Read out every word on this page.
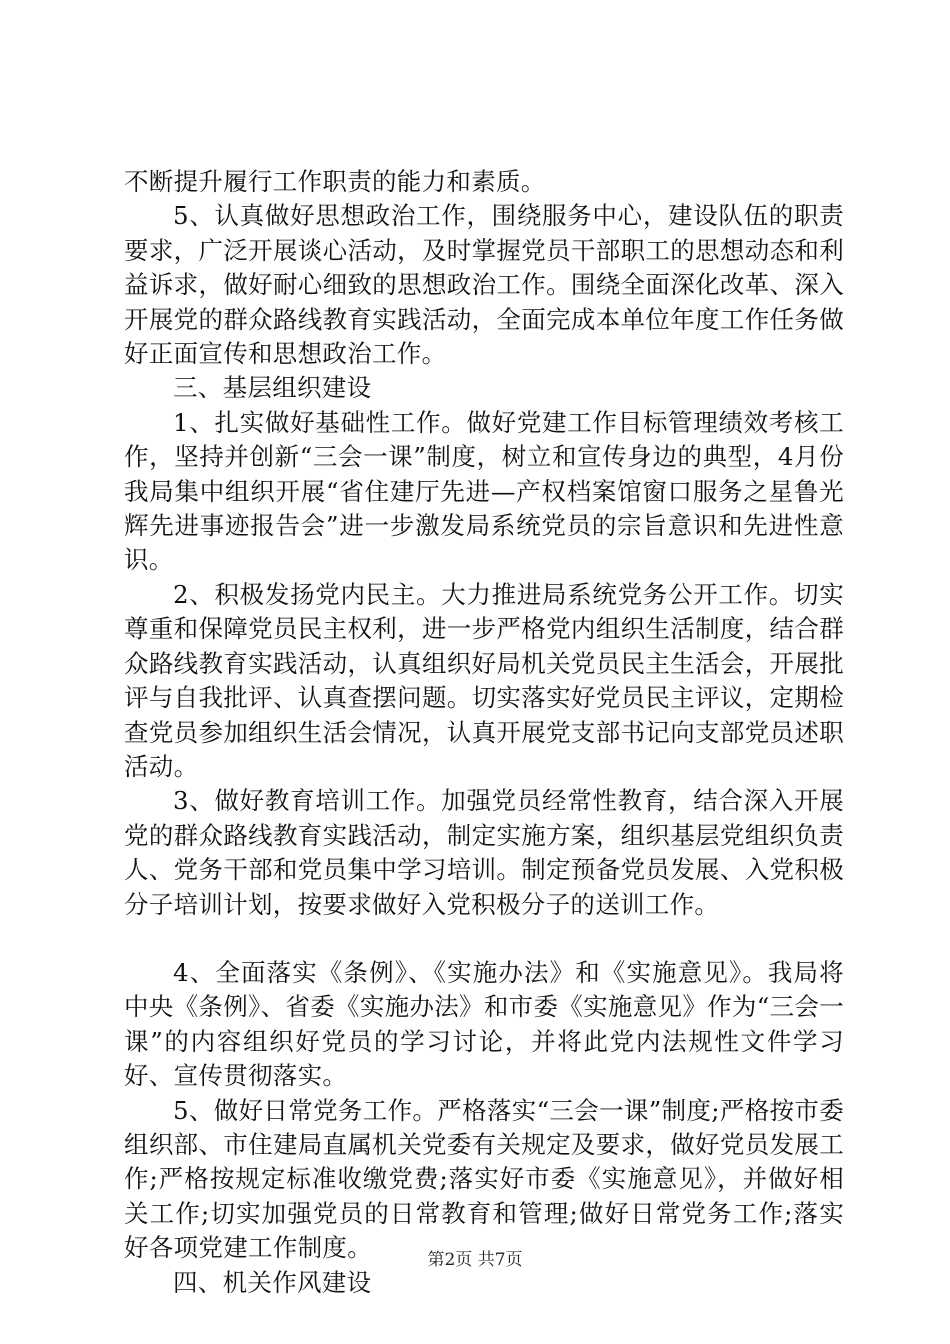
不断提升履行工作职责的能力和素质。

5、认真做好思想政治工作，围绕服务中心，建设队伍的职责要求，广泛开展谈心活动，及时掌握党员干部职工的思想动态和利益诉求，做好耐心细致的思想政治工作。围绕全面深化改革、深入开展党的群众路线教育实践活动，全面完成本单位年度工作任务做好正面宣传和思想政治工作。

三、基层组织建设

1、扎实做好基础性工作。做好党建工作目标管理绩效考核工作，坚持并创新“三会一课”制度，树立和宣传身边的典型，4月份我局集中组织开展“省住建厅先进—产权档案馆窗口服务之星鲁光辉先进事迹报告会”进一步激发局系统党员的宗旨意识和先进性意识。

2、积极发扬党内民主。大力推进局系统党务公开工作。切实尊重和保障党员民主权利，进一步严格党内组织生活制度，结合群众路线教育实践活动，认真组织好局机关党员民主生活会，开展批评与自我批评、认真查摆问题。切实落实好党员民主评议，定期检查党员参加组织生活会情况，认真开展党支部书记向支部党员述职活动。

3、做好教育培训工作。加强党员经常性教育，结合深入开展党的群众路线教育实践活动，制定实施方案，组织基层党组织负责人、党务干部和党员集中学习培训。制定预备党员发展、入党积极分子培训计划，按要求做好入党积极分子的送训工作。

4、全面落实《条例》、《实施办法》和《实施意见》。我局将中央《条例》、省委《实施办法》和市委《实施意见》作为“三会一课”的内容组织好党员的学习讨论，并将此党内法规性文件学习好、宣传贯彻落实。

5、做好日常党务工作。严格落实“三会一课”制度;严格按市委组织部、市住建局直属机关党委有关规定及要求，做好党员发展工作;严格按规定标准收缴党费;落实好市委《实施意见》，并做好相关工作;切实加强党员的日常教育和管理;做好日常党务工作;落实好各项党建工作制度。

四、机关作风建设

第2页 共7页
